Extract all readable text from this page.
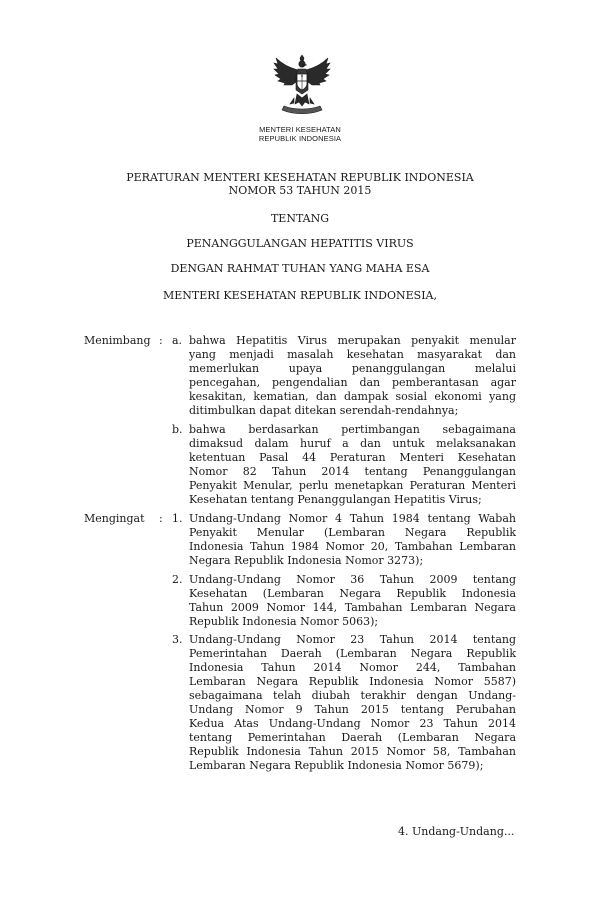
MENTERI KESEHATAN
REPUBLIK INDONESIA
PERATURAN MENTERI KESEHATAN REPUBLIK INDONESIA
NOMOR 53 TAHUN 2015
TENTANG
PENANGGULANGAN HEPATITIS VIRUS
DENGAN RAHMAT TUHAN YANG MAHA ESA
MENTERI KESEHATAN REPUBLIK INDONESIA,
Menimbang : a. bahwa Hepatitis Virus merupakan penyakit menular
yang menjadi masalah kesehatan masyarakat dan
memerlukan upaya penanggulangan melalui
pencegahan, pengendalian dan pemberantasan agar
kesakitan, kematian, dan dampak sosial ekonomi yang
ditimbulkan dapat ditekan serendah-rendahnya;
b. bahwa berdasarkan pertimbangan sebagaimana
dimaksud dalam huruf a dan untuk melaksanakan
ketentuan Pasal 44 Peraturan Menteri Kesehatan
Nomor 82 Tahun 2014 tentang Penanggulangan
Penyakit Menular, perlu menetapkan Peraturan Menteri
Kesehatan tentang Penanggulangan Hepatitis Virus;
Mengingat : 1. Undang-Undang Nomor 4 Tahun 1984 tentang Wabah
Penyakit Menular (Lembaran Negara Republik
Indonesia Tahun 1984 Nomor 20, Tambahan Lembaran
Negara Republik Indonesia Nomor 3273);
2. Undang-Undang Nomor 36 Tahun 2009 tentang
Kesehatan (Lembaran Negara Republik Indonesia
Tahun 2009 Nomor 144, Tambahan Lembaran Negara
Republik Indonesia Nomor 5063);
3. Undang-Undang Nomor 23 Tahun 2014 tentang
Pemerintahan Daerah (Lembaran Negara Republik
Indonesia Tahun 2014 Nomor 244, Tambahan
Lembaran Negara Republik Indonesia Nomor 5587)
sebagaimana telah diubah terakhir dengan Undang-
Undang Nomor 9 Tahun 2015 tentang Perubahan
Kedua Atas Undang-Undang Nomor 23 Tahun 2014
tentang Pemerintahan Daerah (Lembaran Negara
Republik Indonesia Tahun 2015 Nomor 58, Tambahan
Lembaran Negara Republik Indonesia Nomor 5679);
4. Undang-Undang...
